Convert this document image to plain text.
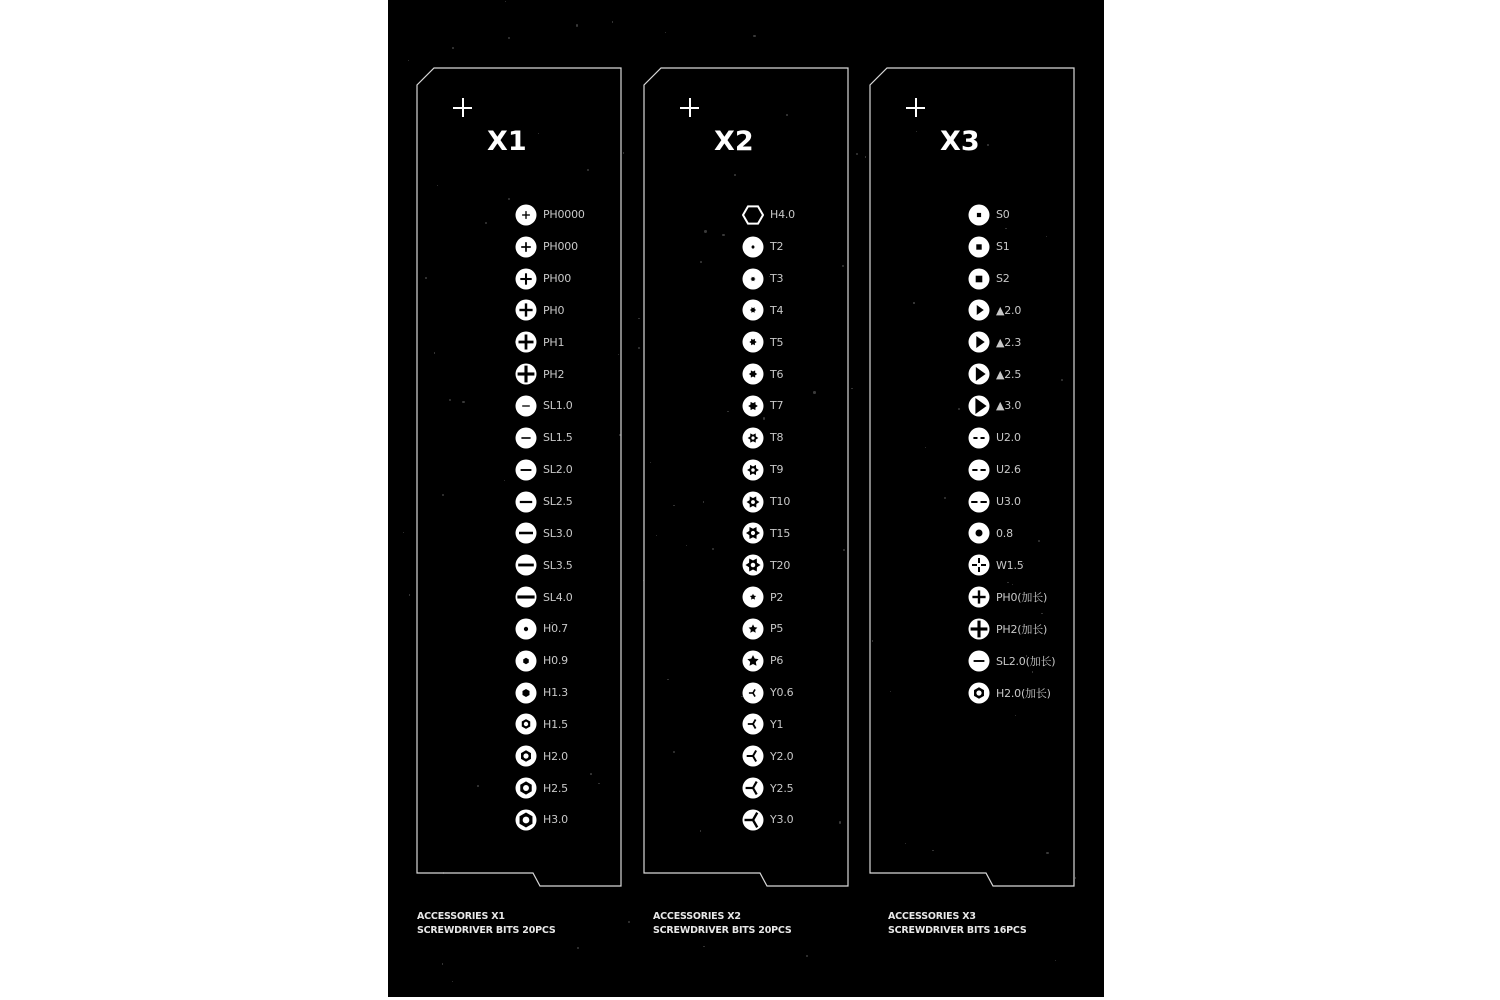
X1
PH0000
PH000
PH00
PH0
PH1
PH2
SL1.0
SL1.5
SL2.0
SL2.5
SL3.0
SL3.5
SL4.0
H0.7
H0.9
H1.3
H1.5
H2.0
H2.5
H3.0
ACCESSORIES X1
SCREWDRIVER BITS 20PCS
X2
H4.0
T2
T3
T4
T5
T6
T7
T8
T9
T10
T15
T20
P2
P5
P6
Y0.6
Y1
Y2.0
Y2.5
Y3.0
ACCESSORIES X2
SCREWDRIVER BITS 20PCS
X3
S0
S1
S2
▲2.0
▲2.3
▲2.5
▲3.0
U2.0
U2.6
U3.0
0.8
W1.5
PH0(加长)
PH2(加长)
SL2.0(加长)
H2.0(加长)
ACCESSORIES X3
SCREWDRIVER BITS 16PCS
